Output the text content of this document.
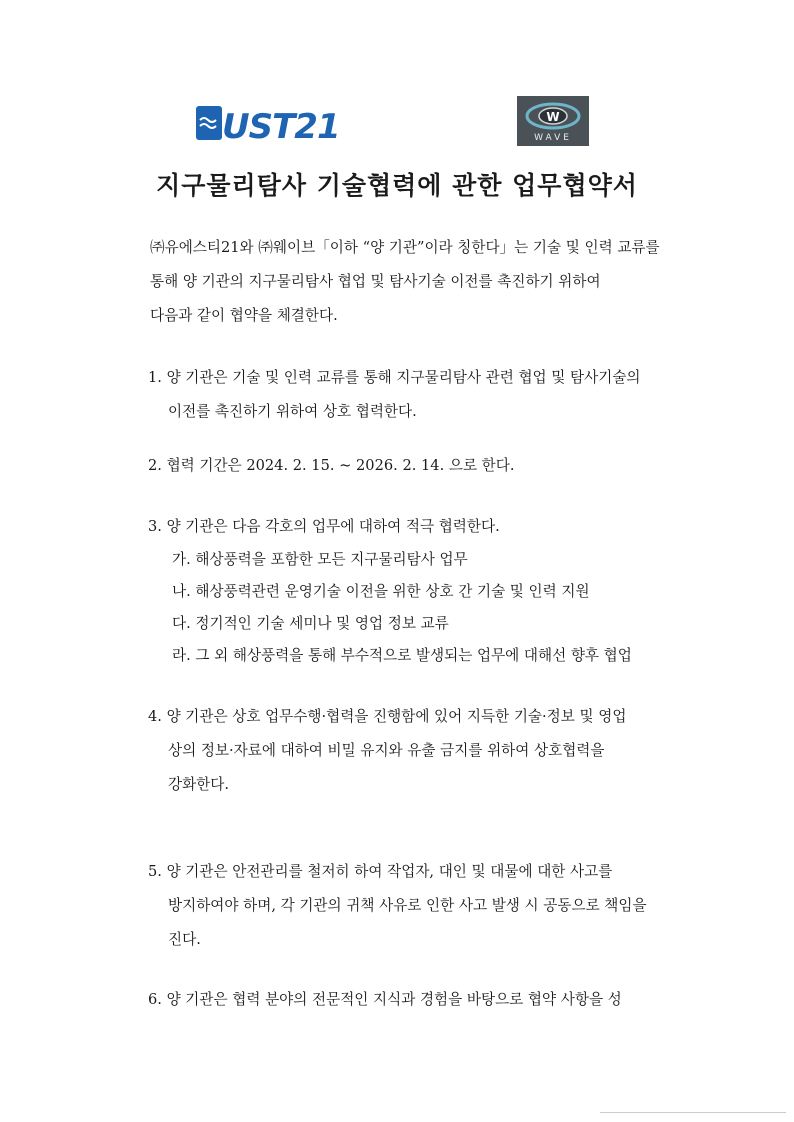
UST21	W
WAVE
지구물리탐사 기술협력에 관한 업무협약서
㈜유에스티21와 ㈜웨이브「이하 “양 기관”이라 칭한다」는 기술 및 인력 교류를
통해 양 기관의 지구물리탐사 협업 및 탐사기술 이전를 촉진하기 위하여
다음과 같이 협약을 체결한다.
1. 양 기관은 기술 및 인력 교류를 통해 지구물리탐사 관련 협업 및 탐사기술의
이전를 촉진하기 위하여 상호 협력한다.
2. 협력 기간은 2024. 2. 15. ~ 2026. 2. 14. 으로 한다.
3. 양 기관은 다음 각호의 업무에 대하여 적극 협력한다.
가. 해상풍력을 포함한 모든 지구물리탐사 업무
나. 해상풍력관련 운영기술 이전을 위한 상호 간 기술 및 인력 지원
다. 정기적인 기술 세미나 및 영업 정보 교류
라. 그 외 해상풍력을 통해 부수적으로 발생되는 업무에 대해선 향후 협업
4. 양 기관은 상호 업무수행·협력을 진행함에 있어 지득한 기술·정보 및 영업
상의 정보·자료에 대하여 비밀 유지와 유출 금지를 위하여 상호협력을
강화한다.
5. 양 기관은 안전관리를 철저히 하여 작업자, 대인 및 대물에 대한 사고를
방지하여야 하며, 각 기관의 귀책 사유로 인한 사고 발생 시 공동으로 책임을
진다.
6. 양 기관은 협력 분야의 전문적인 지식과 경험을 바탕으로 협약 사항을 성
